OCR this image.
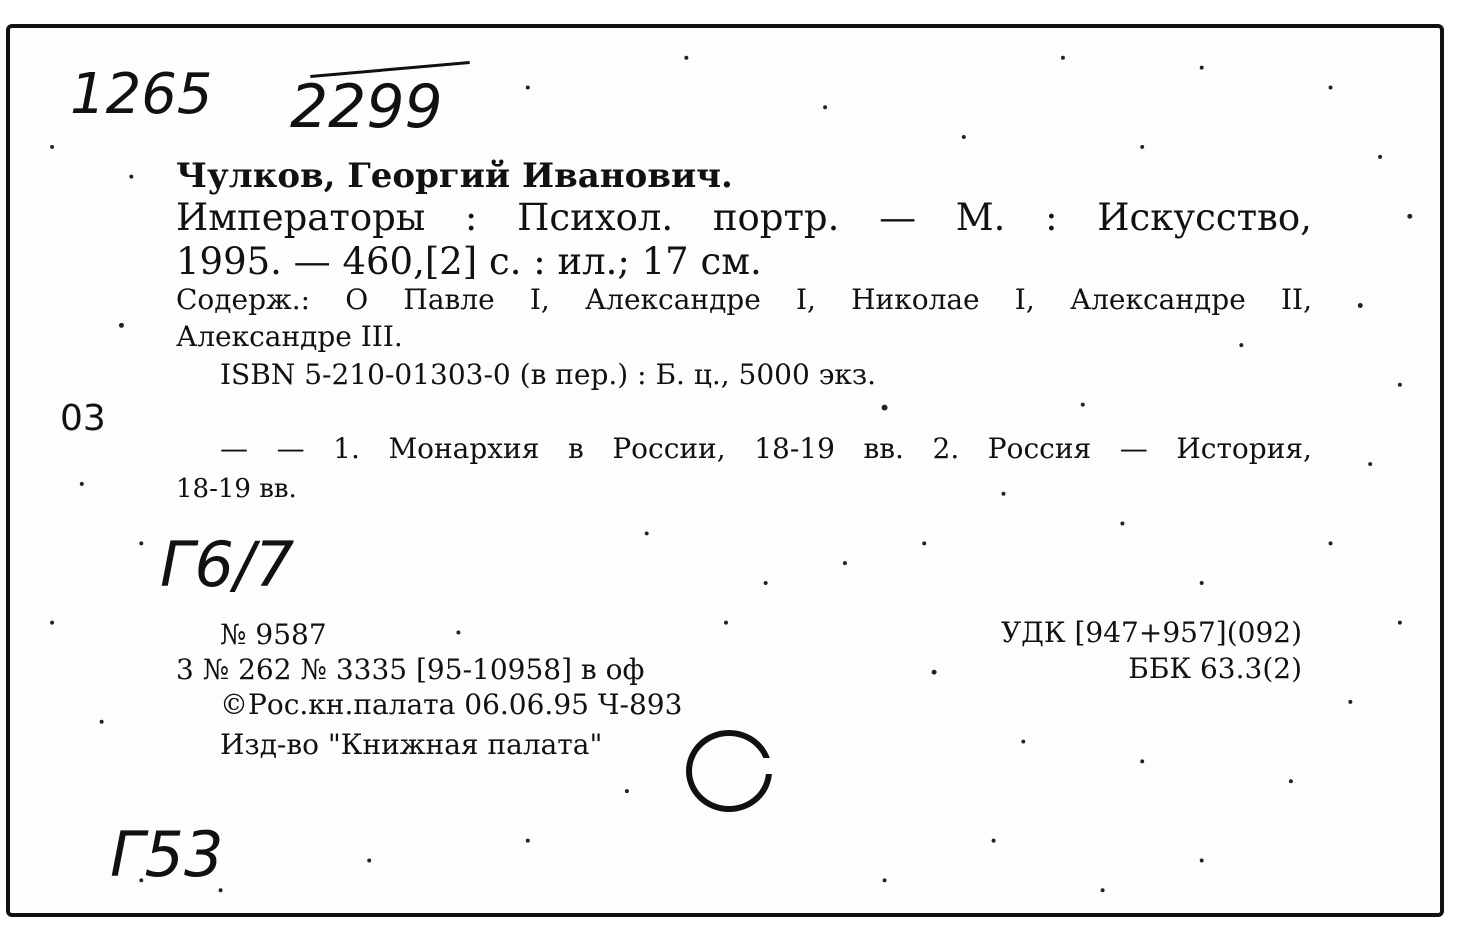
1265 2299
Чулков, Георгий Иванович.
Императоры : Психол. портр. — М. : Искусство,
1995. — 460,[2] с. : ил.; 17 см.
Содерж.: О Павле I, Александре I, Николае I, Александре II,
Александре III.
ISBN 5-210-01303-0 (в пер.) : Б. ц., 5000 экз.
03
— — 1. Монархия в России, 18-19 вв. 2. Россия — История,
18-19 вв.
Г6/7
№ 9587
3 № 262 № 3335 [95-10958] в оф
©Рос.кн.палата 06.06.95 Ч-893
Изд-во "Книжная палата"
УДК [947+957](092)
ББК 63.3(2)
Г53
